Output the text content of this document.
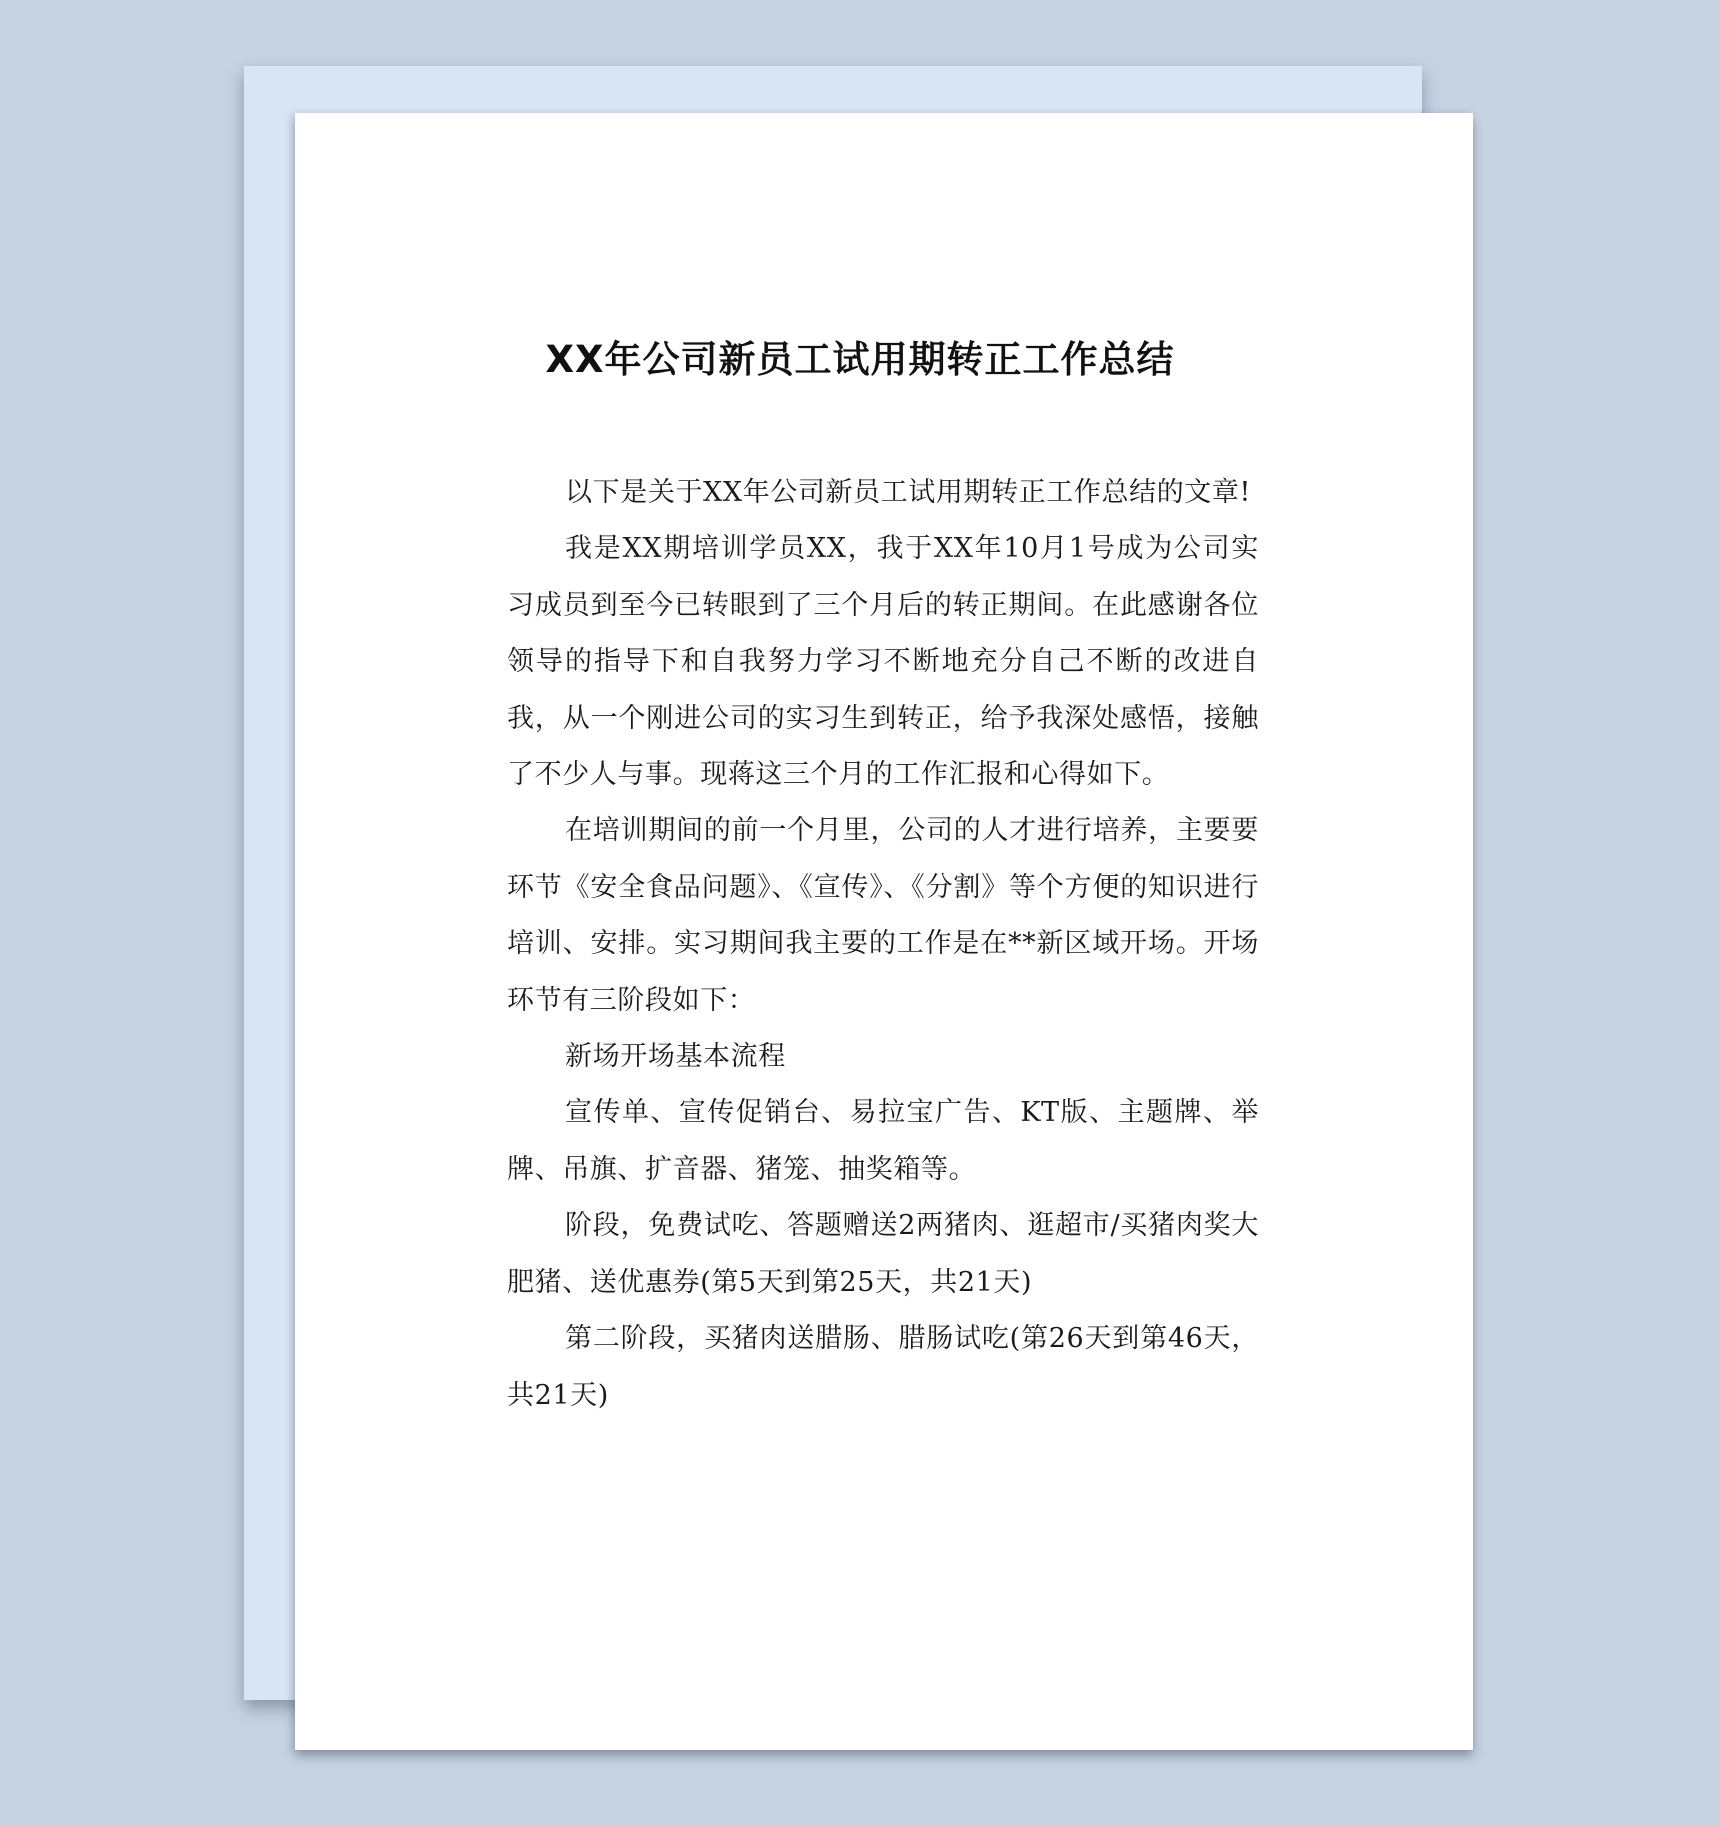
XX年公司新员工试用期转正工作总结

以下是关于XX年公司新员工试用期转正工作总结的文章!

我是XX期培训学员XX，我于XX年10月1号成为公司实习成员到至今已转眼到了三个月后的转正期间。在此感谢各位领导的指导下和自我努力学习不断地充分自己不断的改进自我，从一个刚进公司的实习生到转正，给予我深处感悟，接触了不少人与事。现蒋这三个月的工作汇报和心得如下。

在培训期间的前一个月里，公司的人才进行培养，主要要环节《安全食品问题》、《宣传》、《分割》等个方便的知识进行培训、安排。实习期间我主要的工作是在**新区域开场。开场环节有三阶段如下：

新场开场基本流程

宣传单、宣传促销台、易拉宝广告、KT版、主题牌、举牌、吊旗、扩音器、猪笼、抽奖箱等。

阶段，免费试吃、答题赠送2两猪肉、逛超市/买猪肉奖大肥猪、送优惠券(第5天到第25天，共21天)

第二阶段，买猪肉送腊肠、腊肠试吃(第26天到第46天，共21天)
